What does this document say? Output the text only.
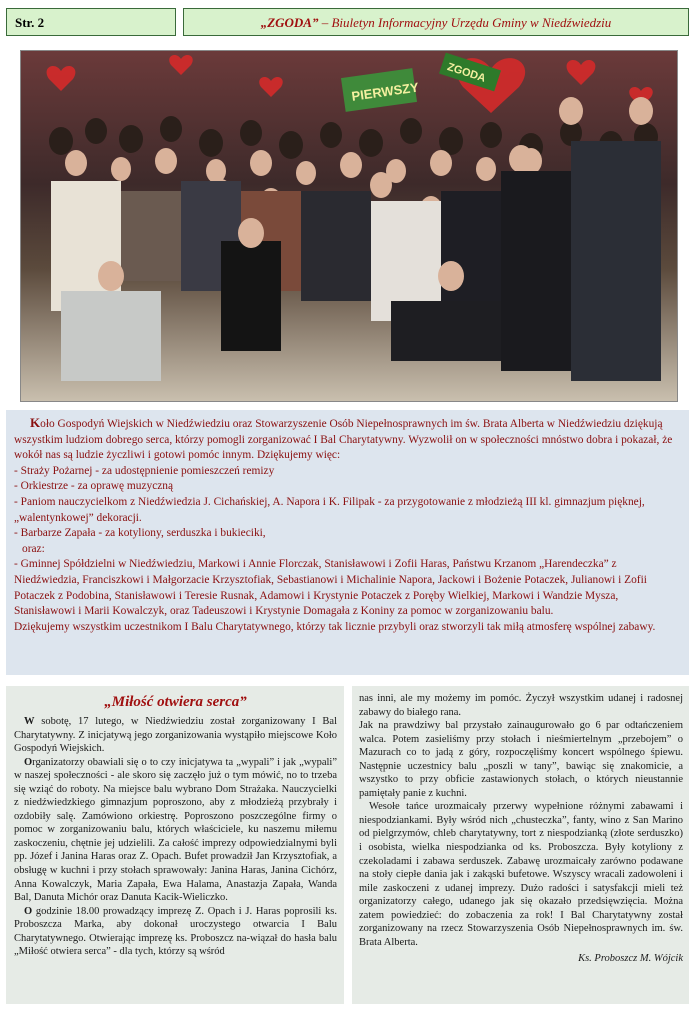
Str. 2	„ZGODA” – Biuletyn Informacyjny Urzędu Gminy w Niedźwiedziu
PIERWSZY
ZGODA

Koło Gospodyń Wiejskich w Niedźwiedziu oraz Stowarzyszenie Osób Niepełnosprawnych im św. Brata Alberta w Niedźwiedziu dziękują wszystkim ludziom dobrego serca, którzy pomogli zorganizować I Bal Charytatywny. Wyzwolił on w społeczności mnóstwo dobra i pokazał, że wokół nas są ludzie życzliwi i gotowi pomóc innym. Dziękujemy więc:

- Straży Pożarnej - za udostępnienie pomieszczeń remizy

- Orkiestrze - za oprawę muzyczną

- Paniom nauczycielkom z Niedźwiedzia J. Cichańskiej, A. Napora i K. Filipak - za przygotowanie z młodzieżą III kl. gimnazjum pięknej, „walentynkowej” dekoracji.

- Barbarze Zapała - za kotyliony, serduszka i bukieciki,

oraz:

- Gminnej Spółdzielni w Niedźwiedziu, Markowi i Annie Florczak, Stanisławowi i Zofii Haras, Państwu Krzanom „Harendeczka” z Niedźwiedzia, Franciszkowi i Małgorzacie Krzysztofiak, Sebastianowi i Michalinie Napora, Jackowi i Bożenie Potaczek, Julianowi i Zofii Potaczek z Podobina, Stanisławowi i Teresie Rusnak, Adamowi i Krystynie Potaczek z Poręby Wielkiej, Markowi i Wandzie Mysza, Stanisławowi i Marii Kowalczyk, oraz Tadeuszowi i Krystynie Domagała z Koniny za pomoc w zorganizowaniu balu.

Dziękujemy wszystkim uczestnikom I Balu Charytatywnego, którzy tak licznie przybyli oraz stworzyli tak miłą atmosferę wspólnej zabawy.

„Miłość otwiera serca”

W sobotę, 17 lutego, w Niedźwiedziu został zorganizowany I Bal Charytatywny. Z inicjatywą jego zorganizowania wystąpiło miejscowe Koło Gospodyń Wiejskich.

Organizatorzy obawiali się o to czy inicjatywa ta „wypali” i jak „wypali” w naszej społeczności - ale skoro się zaczęło już o tym mówić, no to trzeba się wziąć do roboty. Na miejsce balu wybrano Dom Strażaka. Nauczycielki z niedźwiedzkiego gimnazjum poproszono, aby z młodzieżą przybrały i ozdobiły salę. Zamówiono orkiestrę. Poproszono poszczególne firmy o pomoc w zorganizowaniu balu, których właściciele, ku naszemu miłemu zaskoczeniu, chętnie jej udzielili. Za całość imprezy odpowiedzialnymi byli pp. Józef i Janina Haras oraz Z. Opach. Bufet prowadził Jan Krzysztofiak, a obsługę w kuchni i przy stołach sprawowały: Janina Haras, Janina Cichórz, Anna Kowalczyk, Maria Zapała, Ewa Halama, Anastazja Zapała, Wanda Bal, Danuta Michór oraz Danuta Kacik-Wieliczko.

O godzinie 18.00 prowadzący imprezę Z. Opach i J. Haras poprosili ks. Proboszcza Marka, aby dokonał uroczystego otwarcia I Balu Charytatywnego. Otwierając imprezę ks. Proboszcz na-wiązał do hasła balu „Miłość otwiera serca” - dla tych, którzy są wśród

nas inni, ale my możemy im pomóc. Życzył wszystkim udanej i radosnej zabawy do białego rana.

Jak na prawdziwy bal przystało zainaugurowało go 6 par odtańczeniem walca. Potem zasieliśmy przy stołach i nieśmiertelnym „przebojem” o Mazurach co to jadą z góry, rozpoczęliśmy koncert wspólnego śpiewu. Następnie uczestnicy balu „poszli w tany”, bawiąc się znakomicie, a wszystko to przy obficie zastawionych stołach, o których nieustannie pamiętały panie z kuchni.

Wesołe tańce urozmaicały przerwy wypełnione różnymi zabawami i niespodziankami. Były wśród nich „chusteczka”, fanty, wino z San Marino od pielgrzymów, chleb charytatywny, tort z niespodzianką (złote serduszko) i osobista, wielka niespodzianka od ks. Proboszcza. Były kotyliony z czekoladami i zabawa serduszek. Zabawę urozmaicały zarówno podawane na stoły ciepłe dania jak i zakąski bufetowe. Wszyscy wracali zadowoleni i mile zaskoczeni z udanej imprezy. Dużo radości i satysfakcji mieli też organizatorzy całego, udanego jak się okazało przedsięwzięcia. Można zatem powiedzieć: do zobaczenia za rok! I Bal Charytatywny został zorganizowany na rzecz Stowarzyszenia Osób Niepełnosprawnych im. św. Brata Alberta.

Ks. Proboszcz M. Wójcik
